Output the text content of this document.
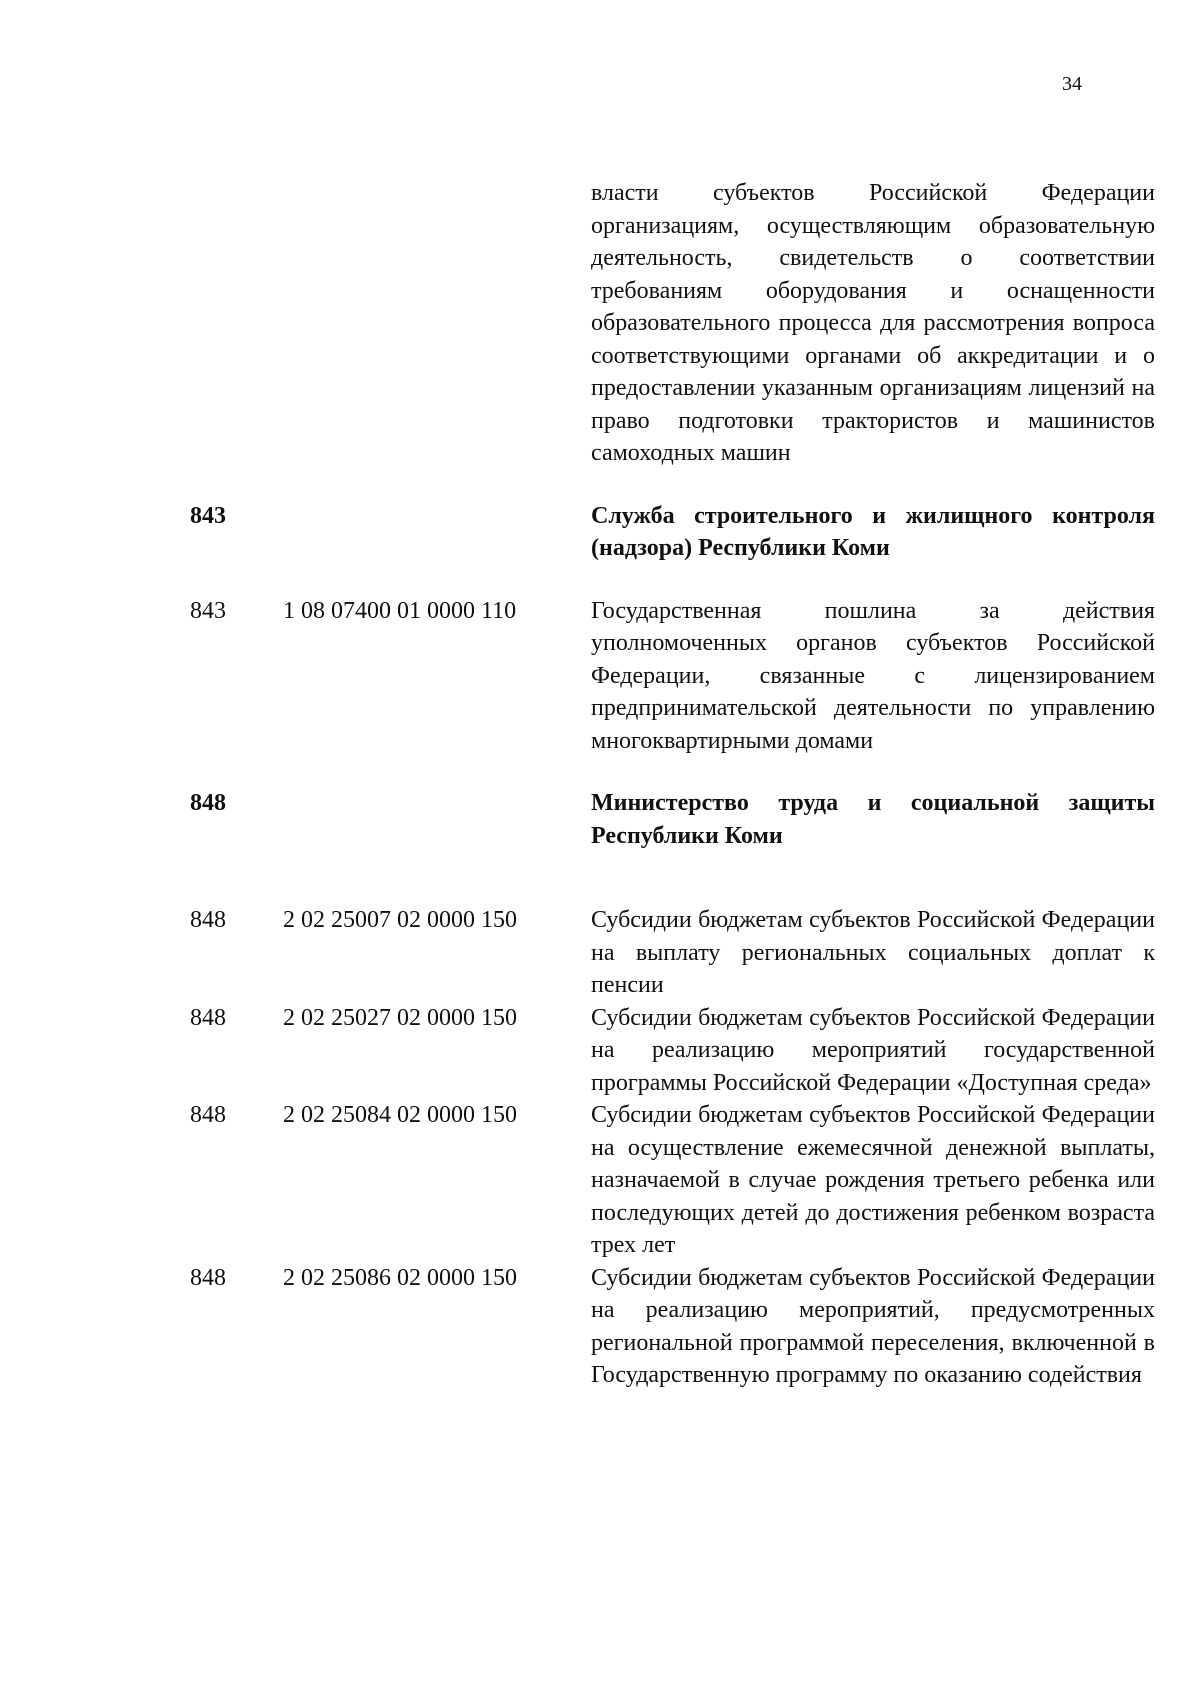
34
власти субъектов Российской Федерации организациям, осуществляющим образовательную деятельность, свидетельств о соответствии требованиям оборудования и оснащенности образовательного процесса для рассмотрения вопроса соответствующими органами об аккредитации и о предоставлении указанным организациям лицензий на право подготовки трактористов и машинистов самоходных машин
843	Служба строительного и жилищного контроля (надзора) Республики Коми
843 1 08 07400 01 0000 110	Государственная пошлина за действия уполномоченных органов субъектов Российской Федерации, связанные с лицензированием предпринимательской деятельности по управлению многоквартирными домами
848	Министерство труда и социальной защиты Республики Коми
848 2 02 25007 02 0000 150	Субсидии бюджетам субъектов Российской Федерации на выплату региональных социальных доплат к пенсии
848 2 02 25027 02 0000 150	Субсидии бюджетам субъектов Российской Федерации на реализацию мероприятий государственной программы Российской Федерации «Доступная среда»
848 2 02 25084 02 0000 150	Субсидии бюджетам субъектов Российской Федерации на осуществление ежемесячной денежной выплаты, назначаемой в случае рождения третьего ребенка или последующих детей до достижения ребенком возраста трех лет
848 2 02 25086 02 0000 150	Субсидии бюджетам субъектов Российской Федерации на реализацию мероприятий, предусмотренных региональной программой переселения, включенной в Государственную программу по оказанию содействия
